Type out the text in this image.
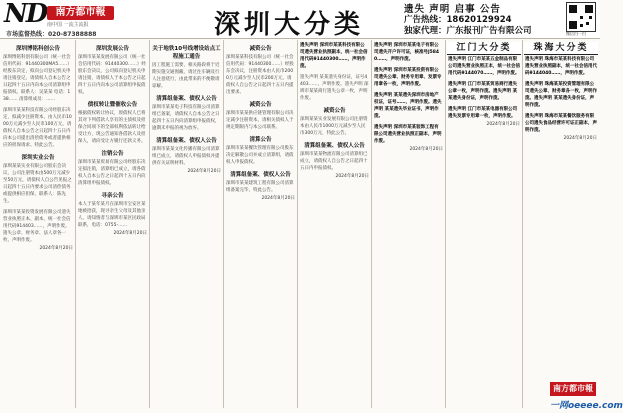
ND 南方都市報
南中国 一流主流报
市场监督热线：020-87388888	深圳大分类
遗失 声明 启事 公告
广告热线：18620129924
独家代理：广东报刊广告有限公司	微信扫一扫
江门大分类	珠海大分类
深圳博铭科创公告
深圳博铭科创有限公司（统一社会信用代码：91440300MA5……）经股东决定，拟向公司登记机关申请注销登记，请债权人自本公告之日起四十五日内向本公司清算组申报债权。联系人：吴某某 电话：138…… 清算组成员：……
深圳市某某科技有限公司经股东决定，拟减少注册资本，由人民币1000万元减少至人民币100万元，请债权人自本公告之日起四十五日内向本公司提出清偿债务或者提供相应的担保请求。特此公告。
深圳实业公告
深圳某某实业有限公司股东会决议，公司注册资本由500万元减少至50万元，请债权人自公告见报之日起四十五日内要求公司清偿债务或提供相应担保，联系人：陈先生。
深圳市某某投资发展有限公司遗失营业执照正本、副本，统一社会信用代码914403……，声明作废。遗失公章、财务章、法人章各一枚，声明作废。
2024年8月20日
深圳发展公告
深圳市某某发展有限公司（统一社会信用代码：91440300……）经股东会决议，公司拟向登记机关申请注销，请债权人于本公告之日起四十五日内向本公司清算组申报债权。
债权转让暨催收公告
根据债权转让协议，原债权人已将其对下列借款人享有的主债权及担保合同项下的全部权利依法转让给受让方，现公告通知各借款人及担保人，请向受让方履行还款义务。
注销公告
深圳市某某贸易有限公司经股东决定拟注销，清算组已成立，请各债权人自本公告之日起四十五日内向清算组申报债权。
寻亲公告
本人于某年某月在深圳市宝安区某地被拾获，现寻亲生父母及其他亲人，请知情者与深圳市某区民政局联系，电话：0755-……
2024年8月20日
关于地铁10号线增设站点工程施工通告
因工程施工需要，相关路段将于近期实施交通围蔽，请过往车辆及行人注意绕行，由此带来的不便敬请谅解。
清算组备案、债权人公告
深圳市某某电子科技有限公司清算组已备案，请债权人自本公告之日起四十五日内向清算组申报债权，逾期未申报的视为放弃。
清算组备案、债权人公告
深圳市某某文化传播有限公司清算组已成立，请债权人申报债权并提供有关证明材料。
2024年8月20日
减资公告
深圳某某科技有限公司（统一社会信用代码：91440300……）经股东会决议，注册资本由人民币2000万元减少至人民币200万元，请债权人自公告之日起四十五日内提出要求。
减资公告
深圳市某某供应链管理有限公司决定减少注册资本，请相关债权人于规定期限内与本公司联系。
清算公告
深圳市某某餐饮管理有限公司股东决定解散公司并成立清算组，请债权人申报债权。
清算组备案、债权人公告
深圳市某某建筑工程有限公司清算组备案完毕，特此公告。
2024年8月20日
遗失声明 深圳市某某科技有限公司遗失营业执照副本，统一社会信用代码91440300……，声明作废。
遗失声明 某某遗失身份证，证号4403……，声明作废。遗失声明 深圳市某某商行遗失公章一枚，声明作废。
减资公告
深圳某某实业发展有限公司注册资本由人民币1000万元减少至人民币300万元，特此公告。
清算组备案、债权人公告
深圳市某某物流有限公司清算组已成立，请债权人自公告之日起四十五日内申报债权。
2024年8月20日
遗失声明 深圳市某某电子有限公司遗失开户许可证，核准号J5840……，声明作废。
遗失声明 深圳市某某投资有限公司遗失公章、财务专用章、发票专用章各一枚，声明作废。
遗失声明 某某遗失深圳市房地产权证，证号……，声明作废。遗失声明 某某遗失毕业证书，声明作废。
遗失声明 深圳市某某装饰工程有限公司遗失营业执照正副本，声明作废。
2024年8月20日
遗失声明 江门市某某五金制品有限公司遗失营业执照正本，统一社会信用代码9144070……，声明作废。
遗失声明 江门市某某贸易商行遗失公章一枚，声明作废。遗失声明 某某遗失身份证，声明作废。
遗失声明 江门市某某电器有限公司遗失发票专用章一枚，声明作废。
2024年8月20日
遗失声明 珠海市某某科技有限公司遗失营业执照副本，统一社会信用代码9144040……，声明作废。
遗失声明 珠海某某投资管理有限公司遗失公章、财务章各一枚，声明作废。遗失声明 某某遗失身份证，声明作废。
遗失声明 珠海市某某餐饮服务有限公司遗失食品经营许可证正副本，声明作废。
2024年8月20日
南方都市報
一网oeeee.com
